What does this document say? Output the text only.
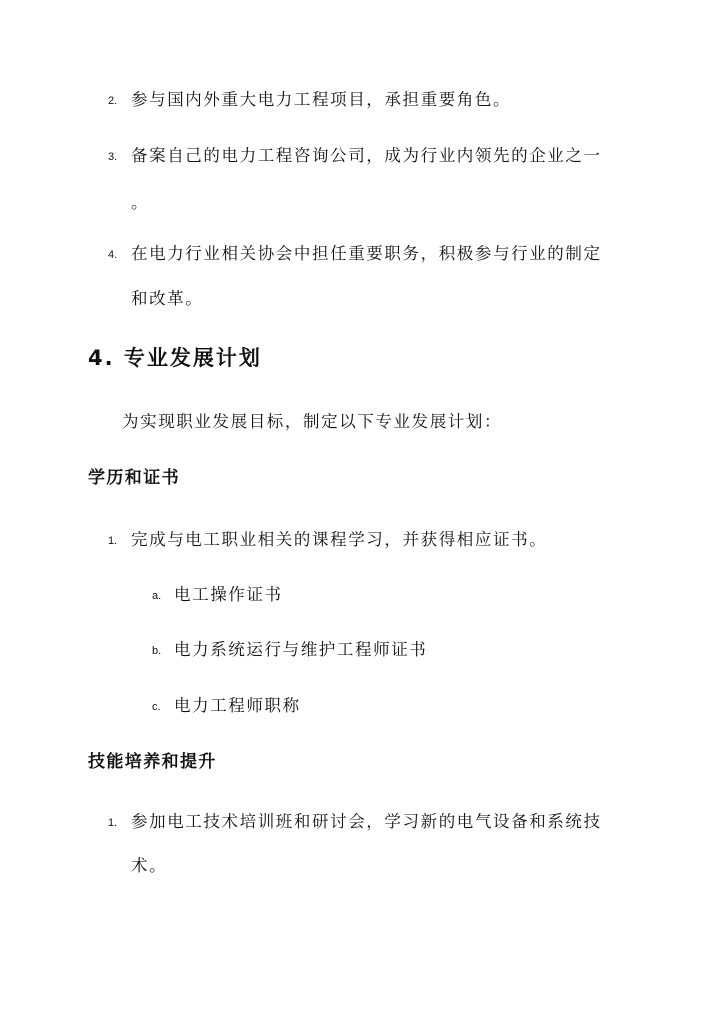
2. 参与国内外重大电力工程项目，承担重要角色。
3. 备案自己的电力工程咨询公司，成为行业内领先的企业之一
。
4. 在电力行业相关协会中担任重要职务，积极参与行业的制定
和改革。
4. 专业发展计划
为实现职业发展目标，制定以下专业发展计划：
学历和证书
1. 完成与电工职业相关的课程学习，并获得相应证书。
a. 电工操作证书
b. 电力系统运行与维护工程师证书
c. 电力工程师职称
技能培养和提升
1. 参加电工技术培训班和研讨会，学习新的电气设备和系统技
术。
